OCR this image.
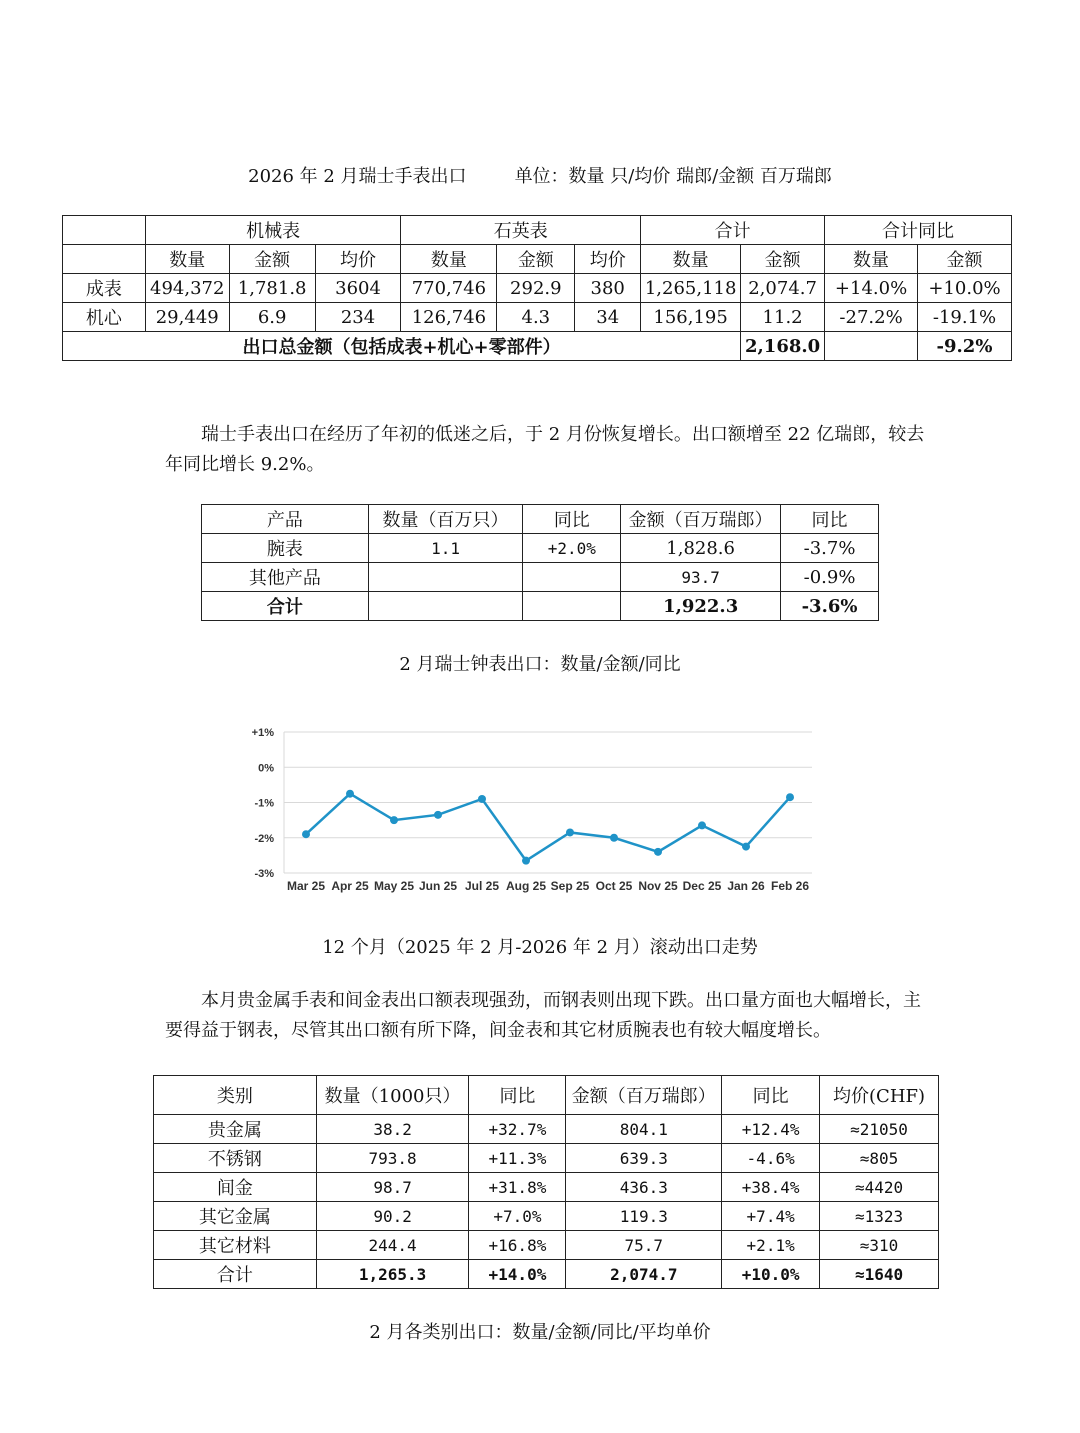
2026 年 2 月瑞士手表出口	单位：数量 只/均价 瑞郎/金额 百万瑞郎
	机械表			石英表			合计		合计同比	
	数量	金额	均价	数量	金额	均价	数量	金额	数量	金额
成表	494,372	1,781.8	3604	770,746	292.9	380	1,265,118	2,074.7	+14.0%	+10.0%
机心	29,449	6.9	234	126,746	4.3	34	156,195	11.2	-27.2%	-19.1%
出口总金额（包括成表+机心+零部件）								2,168.0		-9.2%
瑞士手表出口在经历了年初的低迷之后，于 2 月份恢复增长。出口额增至 22 亿瑞郎，较去年同比增长 9.2%。
产品	数量（百万只）	同比	金额（百万瑞郎）	同比
腕表	1.1	+2.0%	1,828.6	-3.7%
其他产品			93.7	-0.9%
合计			1,922.3	-3.6%
2 月瑞士钟表出口：数量/金额/同比
+1%
0%
-1%
-2%
-3%
Mar 25 Apr 25 May 25 Jun 25 Jul 25 Aug 25 Sep 25 Oct 25 Nov 25 Dec 25 Jan 26 Feb 26
12 个月（2025 年 2 月-2026 年 2 月）滚动出口走势
本月贵金属手表和间金表出口额表现强劲，而钢表则出现下跌。出口量方面也大幅增长，主要得益于钢表，尽管其出口额有所下降，间金表和其它材质腕表也有较大幅度增长。
类别	数量（1000只）	同比	金额（百万瑞郎）	同比	均价(CHF)
贵金属	38.2	+32.7%	804.1	+12.4%	≈21050
不锈钢	793.8	+11.3%	639.3	-4.6%	≈805
间金	98.7	+31.8%	436.3	+38.4%	≈4420
其它金属	90.2	+7.0%	119.3	+7.4%	≈1323
其它材料	244.4	+16.8%	75.7	+2.1%	≈310
合计	1,265.3	+14.0%	2,074.7	+10.0%	≈1640
2 月各类别出口：数量/金额/同比/平均单价
